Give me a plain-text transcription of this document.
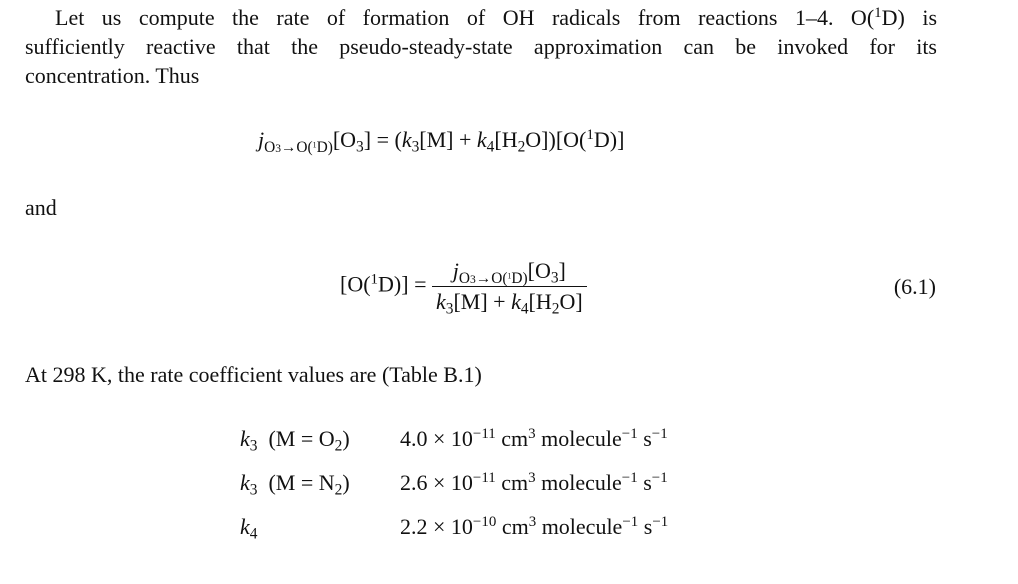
Let us compute the rate of formation of OH radicals from reactions 1–4. O($^1$D) is
sufficiently reactive that the pseudo-steady-state approximation can be invoked for its
concentration. Thus
$j_{O3\to O(^1D)}[O_3] = (k_3[M] + k_4[H_2O])[O(^1D)]$
and
$[O(^1D)] = \frac{j_{O3\to O(^1D)}[O_3]}{k_3[M] + k_4[H_2O]}$	(6.1)
At 298 K, the rate coefficient values are (Table B.1)
$k_3$ $(M = O_2)$	$4.0 \times 10^{-11}$ $cm^3$ molecule$^{-1}$ $s^{-1}$
$k_3$ $(M = N_2)$	$2.6 \times 10^{-11}$ $cm^3$ molecule$^{-1}$ $s^{-1}$
$k_4$	$2.2 \times 10^{-10}$ $cm^3$ molecule$^{-1}$ $s^{-1}$
